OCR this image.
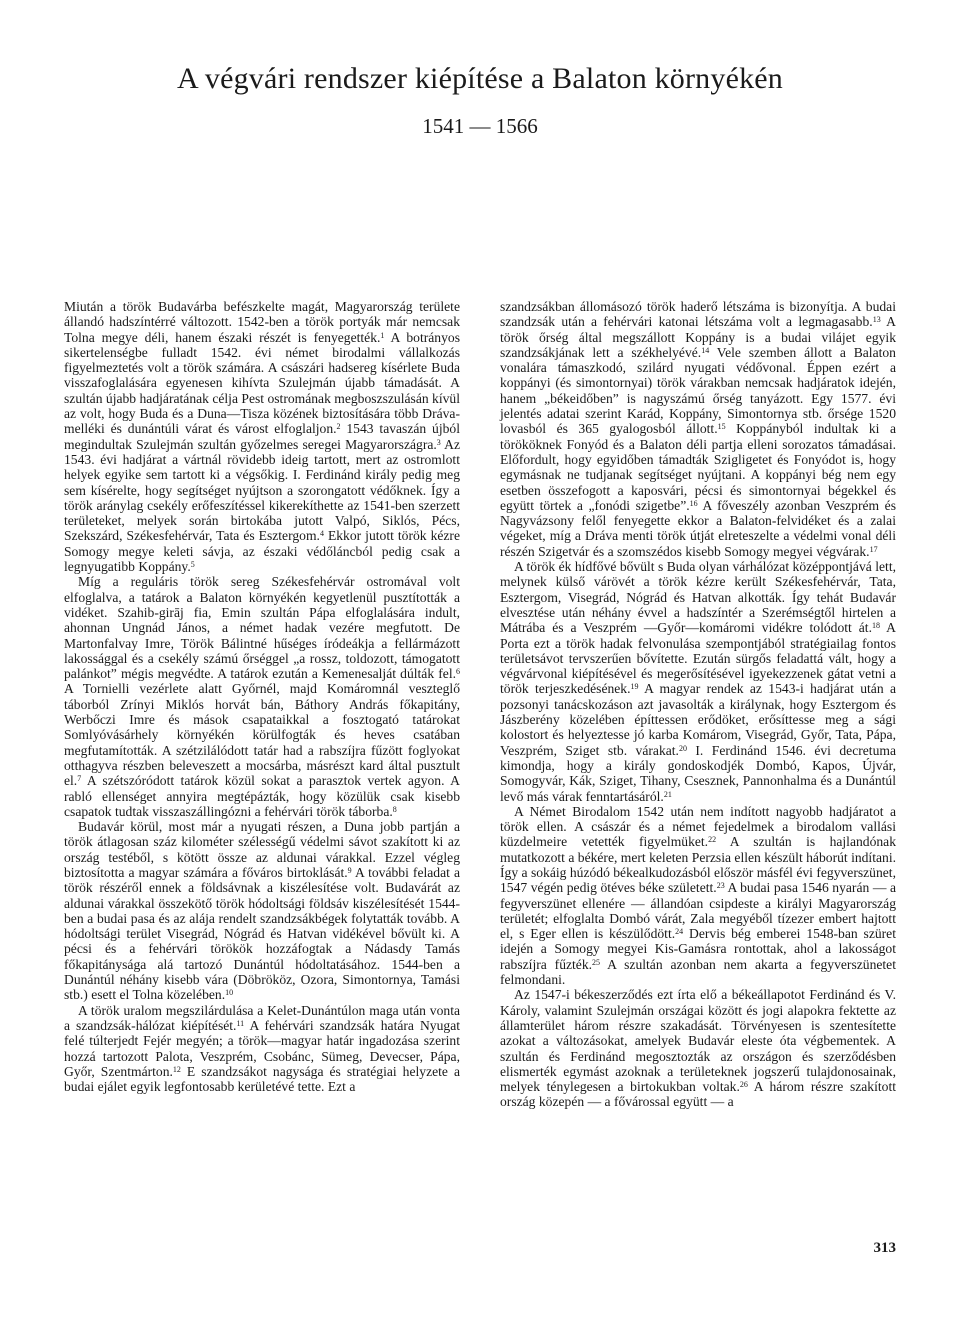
A végvári rendszer kiépítése a Balaton környékén
1541 — 1566

Miután a török Budavárba befészkelte magát, Magyarország területe állandó hadszíntérré változott. 1542-ben a török portyák már nemcsak Tolna megye déli, hanem északi részét is fenyegették.$^1$ A botrányos sikertelenségbe fulladt 1542. évi német birodalmi vállalkozás figyelmeztetés volt a török számára. A császári hadsereg kísérlete Buda visszafoglalására egyenesen kihívta Szulejmán újabb támadását. A szultán újabb hadjáratának célja Pest ostromának megboszszulásán kívül az volt, hogy Buda és a Duna—Tisza közének biztosítására több Dráva-melléki és dunántúli várat és várost elfoglaljon.$^2$ 1543 tavaszán újból megindultak Szulejmán szultán győzelmes seregei Magyarországra.$^3$ Az 1543. évi hadjárat a vártnál rövidebb ideig tartott, mert az ostromlott helyek egyike sem tartott ki a végsőkig. I. Ferdinánd király pedig meg sem kísérelte, hogy segítséget nyújtson a szorongatott védőknek. Így a török aránylag csekély erőfeszítéssel kikerekíthette az 1541-ben szerzett területeket, melyek során birtokába jutott Valpó, Siklós, Pécs, Szekszárd, Székesfehérvár, Tata és Esztergom.$^4$ Ekkor jutott török kézre Somogy megye keleti sávja, az északi védőláncból pedig csak a legnyugatibb Koppány.$^5$

Míg a reguláris török sereg Székesfehérvár ostromával volt elfoglalva, a tatárok a Balaton környékén kegyetlenül pusztították a vidéket. Szahib-girāj fia, Emin szultán Pápa elfoglalására indult, ahonnan Ungnád János, a német hadak vezére megfutott. De Martonfalvay Imre, Török Bálintné hűséges íródeákja a fellármázott lakossággal és a csekély számú őrséggel „a rossz, toldozott, támogatott palánkot” mégis megvédte. A tatárok ezután a Kemenesalját dúlták fel.$^6$ A Tornielli vezérlete alatt Győrnél, majd Komáromnál veszteglő táborból Zrínyi Miklós horvát bán, Báthory András főkapitány, Werbőczi Imre és mások csapataikkal a fosztogató tatárokat Somlyóvásárhely környékén körülfogták és heves csatában megfutamították. A szétzilálódott tatár had a rabszíjra fűzött foglyokat otthagyva részben beleveszett a mocsárba, másrészt kard által pusztult el.$^7$ A szétszóródott tatárok közül sokat a parasztok vertek agyon. A rabló ellenséget annyira megtépázták, hogy közülük csak kisebb csapatok tudtak visszaszállingózni a fehérvári török táborba.$^8$

Budavár körül, most már a nyugati részen, a Duna jobb partján a török átlagosan száz kilométer szélességű védelmi sávot szakított ki az ország testéből, s kötött össze az aldunai várakkal. Ezzel végleg biztosította a magyar számára a főváros birtoklását.$^9$ A további feladat a török részéről ennek a földsávnak a kiszélesítése volt. Budavárát az aldunai várakkal összekötő török hódoltsági földsáv kiszélesítését 1544-ben a budai pasa és az alája rendelt szandzsákbégek folytatták tovább. A hódoltsági terület Visegrád, Nógrád és Hatvan vidékével bővült ki. A pécsi és a fehérvári törökök hozzáfogtak a Nádasdy Tamás főkapitánysága alá tartozó Dunántúl hódoltatásához. 1544-ben a Dunántúl néhány kisebb vára (Döbrököz, Ozora, Simontornya, Tamási stb.) esett el Tolna közelében.$^{10}$

A török uralom megszilárdulása a Kelet-Dunántúlon maga után vonta a szandzsák-hálózat kiépítését.$^{11}$ A fehérvári szandzsák határa Nyugat felé túlterjedt Fejér megyén; a török—magyar határ ingadozása szerint hozzá tartozott Palota, Veszprém, Csobánc, Sümeg, Devecser, Pápa, Győr, Szentmárton.$^{12}$ E szandzsákot nagysága és stratégiai helyzete a budai ejálet egyik legfontosabb kerületévé tette. Ezt a

szandzsákban állomásozó török haderő létszáma is bizonyítja. A budai szandzsák után a fehérvári katonai létszáma volt a legmagasabb.$^{13}$ A török őrség által megszállott Koppány is a budai vilájet egyik szandzsákjának lett a székhelyévé.$^{14}$ Vele szemben állott a Balaton vonalára támaszkodó, szilárd nyugati védővonal. Éppen ezért a koppányi (és simontornyai) török várakban nemcsak hadjáratok idején, hanem „békeidőben” is nagyszámú őrség tanyázott. Egy 1577. évi jelentés adatai szerint Karád, Koppány, Simontornya stb. őrsége 1520 lovasból és 365 gyalogosból állott.$^{15}$ Koppányból indultak ki a törököknek Fonyód és a Balaton déli partja elleni sorozatos támadásai. Előfordult, hogy egyidőben támadták Szigligetet és Fonyódot is, hogy egymásnak ne tudjanak segítséget nyújtani. A koppányi bég nem egy esetben összefogott a kaposvári, pécsi és simontornyai bégekkel és együtt törtek a „fonódi szigetbe”.$^{16}$ A főveszély azonban Veszprém és Nagyvázsony felől fenyegette ekkor a Balaton-felvidéket és a zalai végeket, míg a Dráva menti török útját elreteszelte a védelmi vonal déli részén Szigetvár és a szomszédos kisebb Somogy megyei végvárak.$^{17}$

A török ék hídfővé bővült s Buda olyan várhálózat középpontjává lett, melynek külső várövét a török kézre került Székesfehérvár, Tata, Esztergom, Visegrád, Nógrád és Hatvan alkották. Így tehát Budavár elvesztése után néhány évvel a hadszíntér a Szerémségtől hirtelen a Mátrába és a Veszprém —Győr—komáromi vidékre tolódott át.$^{18}$ A Porta ezt a török hadak felvonulása szempontjából stratégiailag fontos területsávot tervszerűen bővítette. Ezután sürgős feladattá vált, hogy a végvárvonal kiépítésével és megerősítésével igyekezzenek gátat vetni a török terjeszkedésének.$^{19}$ A magyar rendek az 1543-i hadjárat után a pozsonyi tanácskozáson azt javasolták a királynak, hogy Esztergom és Jászberény közelében építtessen erődöket, erősíttesse meg a sági kolostort és helyeztesse jó karba Komárom, Visegrád, Győr, Tata, Pápa, Veszprém, Sziget stb. várakat.$^{20}$ I. Ferdinánd 1546. évi decretuma kimondja, hogy a király gondoskodjék Dombó, Kapos, Újvár, Somogyvár, Kák, Sziget, Tihany, Csesznek, Pannonhalma és a Dunántúl levő más várak fenntartásáról.$^{21}$

A Német Birodalom 1542 után nem indított nagyobb hadjáratot a török ellen. A császár és a német fejedelmek a birodalom vallási küzdelmeire vetették figyelmüket.$^{22}$ A szultán is hajlandónak mutatkozott a békére, mert keleten Perzsia ellen készült háborút indítani. Így a sokáig húzódó békealkudozásból először másfél évi fegyverszünet, 1547 végén pedig ötéves béke született.$^{23}$ A budai pasa 1546 nyarán — a fegyverszünet ellenére — állandóan csipdeste a királyi Magyarország területét; elfoglalta Dombó várát, Zala megyéből tízezer embert hajtott el, s Eger ellen is készülődött.$^{24}$ Dervis bég emberei 1548-ban szüret idején a Somogy megyei Kis-Gamásra rontottak, ahol a lakosságot rabszíjra fűzték.$^{25}$ A szultán azonban nem akarta a fegyverszünetet felmondani.

Az 1547-i békeszerződés ezt írta elő a békeállapotot Ferdinánd és V. Károly, valamint Szulejmán országai között és jogi alapokra fektette az államterület három részre szakadását. Törvényesen is szentesítette azokat a változásokat, amelyek Budavár eleste óta végbementek. A szultán és Ferdinánd megosztozták az országon és szerződésben elismerték egymást azoknak a területeknek jogszerű tulajdonosainak, melyek ténylegesen a birtokukban voltak.$^{26}$ A három részre szakított ország közepén — a fővárossal együtt — a

313
